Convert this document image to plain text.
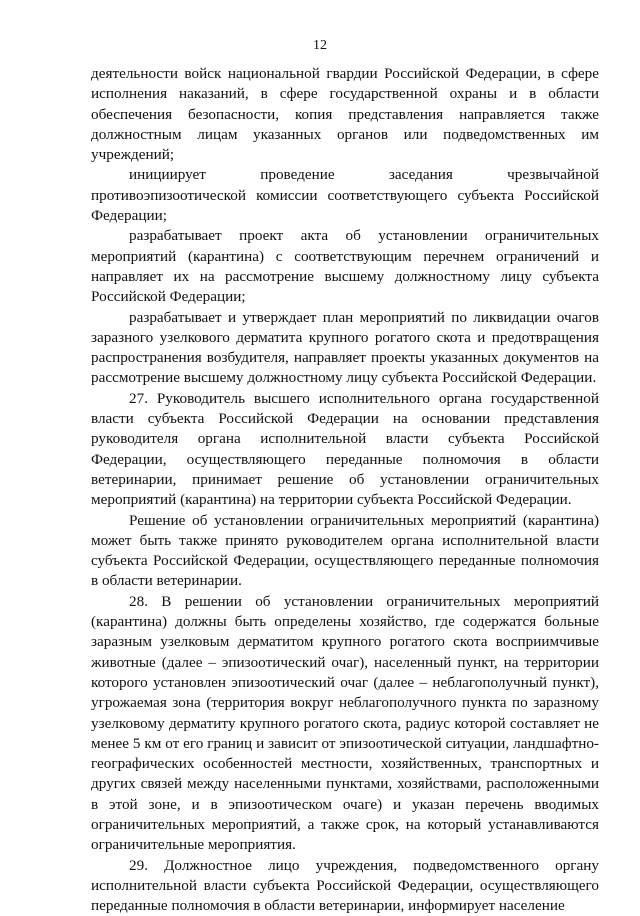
12

деятельности войск национальной гвардии Российской Федерации, в сфере исполнения наказаний, в сфере государственной охраны и в области обеспечения безопасности, копия представления направляется также должностным лицам указанных органов или подведомственных им учреждений;

инициирует проведение заседания чрезвычайной противоэпизоотической комиссии соответствующего субъекта Российской Федерации;

разрабатывает проект акта об установлении ограничительных мероприятий (карантина) с соответствующим перечнем ограничений и направляет их на рассмотрение высшему должностному лицу субъекта Российской Федерации;

разрабатывает и утверждает план мероприятий по ликвидации очагов заразного узелкового дерматита крупного рогатого скота и предотвращения распространения возбудителя, направляет проекты указанных документов на рассмотрение высшему должностному лицу субъекта Российской Федерации.

27. Руководитель высшего исполнительного органа государственной власти субъекта Российской Федерации на основании представления руководителя органа исполнительной власти субъекта Российской Федерации, осуществляющего переданные полномочия в области ветеринарии, принимает решение об установлении ограничительных мероприятий (карантина) на территории субъекта Российской Федерации.

Решение об установлении ограничительных мероприятий (карантина) может быть также принято руководителем органа исполнительной власти субъекта Российской Федерации, осуществляющего переданные полномочия в области ветеринарии.

28. В решении об установлении ограничительных мероприятий (карантина) должны быть определены хозяйство, где содержатся больные заразным узелковым дерматитом крупного рогатого скота восприимчивые животные (далее – эпизоотический очаг), населенный пункт, на территории которого установлен эпизоотический очаг (далее – неблагополучный пункт), угрожаемая зона (территория вокруг неблагополучного пункта по заразному узелковому дерматиту крупного рогатого скота, радиус которой составляет не менее 5 км от его границ и зависит от эпизоотической ситуации, ландшафтно-географических особенностей местности, хозяйственных, транспортных и других связей между населенными пунктами, хозяйствами, расположенными в этой зоне, и в эпизоотическом очаге) и указан перечень вводимых ограничительных мероприятий, а также срок, на который устанавливаются ограничительные мероприятия.

29. Должностное лицо учреждения, подведомственного органу исполнительной власти субъекта Российской Федерации, осуществляющего переданные полномочия в области ветеринарии, информирует население
